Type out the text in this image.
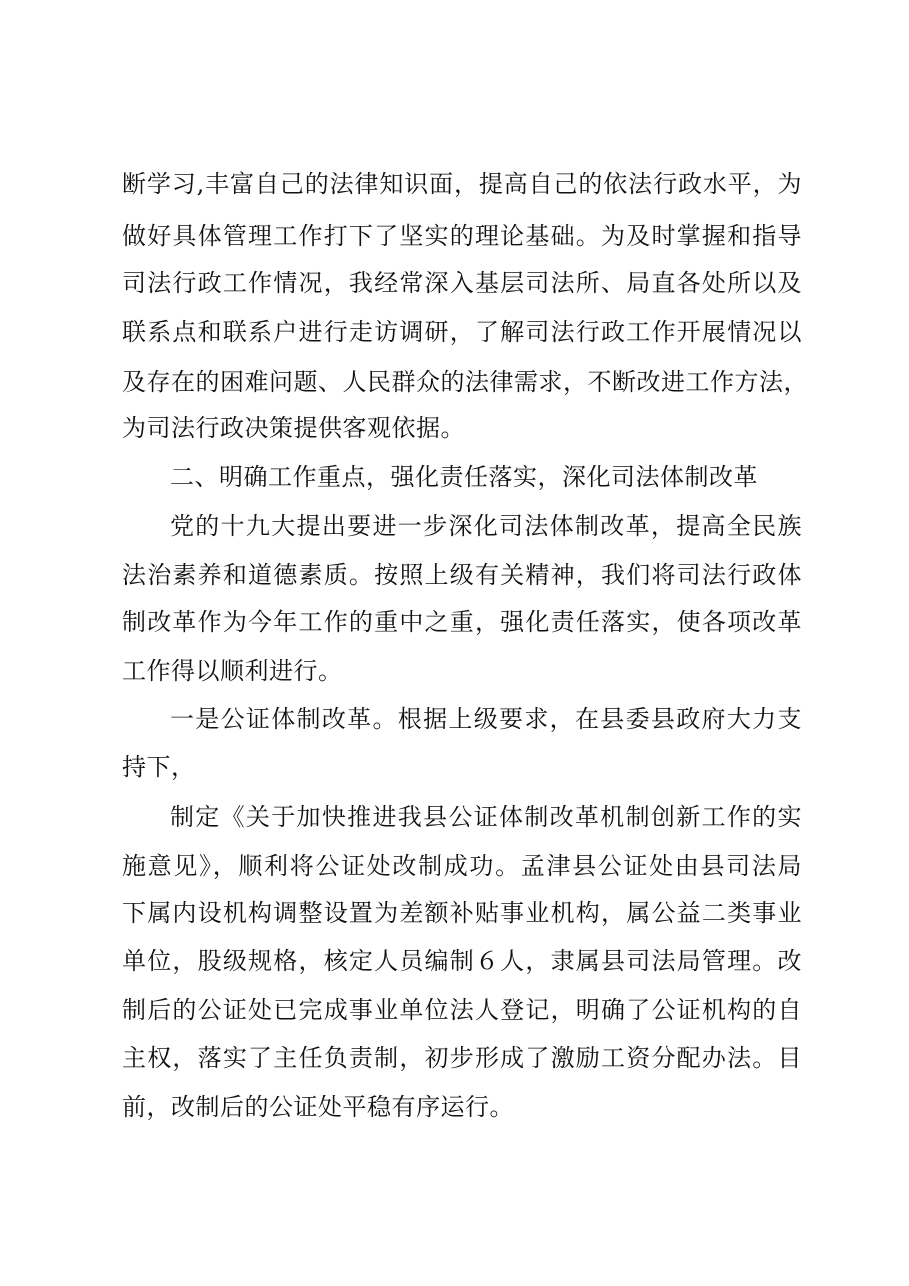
断学习,丰富自己的法律知识面，提高自己的依法行政水平，为
做好具体管理工作打下了坚实的理论基础。为及时掌握和指导
司法行政工作情况，我经常深入基层司法所、局直各处所以及
联系点和联系户进行走访调研，了解司法行政工作开展情况以
及存在的困难问题、人民群众的法律需求，不断改进工作方法，
为司法行政决策提供客观依据。
二、明确工作重点，强化责任落实，深化司法体制改革
党的十九大提出要进一步深化司法体制改革，提高全民族
法治素养和道德素质。按照上级有关精神，我们将司法行政体
制改革作为今年工作的重中之重，强化责任落实，使各项改革
工作得以顺利进行。
一是公证体制改革。根据上级要求，在县委县政府大力支
持下，
制定《关于加快推进我县公证体制改革机制创新工作的实
施意见》，顺利将公证处改制成功。孟津县公证处由县司法局
下属内设机构调整设置为差额补贴事业机构，属公益二类事业
单位，股级规格，核定人员编制６人，隶属县司法局管理。改
制后的公证处已完成事业单位法人登记，明确了公证机构的自
主权，落实了主任负责制，初步形成了激励工资分配办法。目
前，改制后的公证处平稳有序运行。
